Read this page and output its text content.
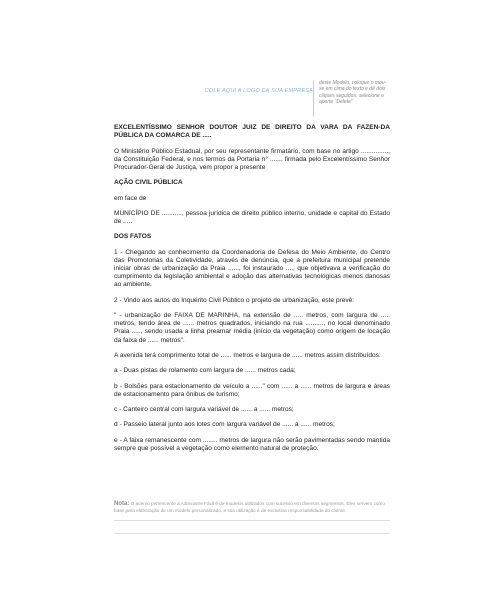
COLE AQUI A LOGO DA SUA EMPRESA
deste Modelo, coloque o mou-
se em cima do texto e dê dois
cliques seguidos, selecione e
aperte "Delete"

EXCELENTÍSSIMO SENHOR DOUTOR JUIZ DE DIREITO DA VARA DA FAZEN-DA PÚBLICA DA COMARCA DE .....

O Ministério Público Estadual, por seu representante firmatário, com base no artigo ..............., da Constituição Federal, e nos termos da Portaria n° ......, firmada pelo Excelentíssimo Senhor Procurador-Geral de Justiça, vem propor a presente

AÇÃO CIVIL PÚBLICA

em face de

MUNICÍPIO DE ..........., pessoa jurídica de direito público interno, unidade e capital do Estado de .....

DOS FATOS

1 - Chegando ao conhecimento da Coordenadoria de Defesa do Meio Ambiente, do Centro das Promotorias da Coletividade, através de denúncia, que a prefeitura municipal pretende iniciar obras de urbanização da Praia ......, foi instaurado ...., que objetivava a verificação do cumprimento da legislação ambiental e adoção das alternativas tecnológicas menos danosas ao ambiente.

2 - Vindo aos autos do Inquérito Civil Público o projeto de urbanização, este prevê:

" - urbanização de FAIXA DE MARINHA, na extensão de ..... metros, com largura de ..... metros, tendo área de ...... metros quadrados, iniciando na rua .........., no local denominado Praia ....., sendo usada a linha preamar média (início da vegetação) como origem de locação da faixa de ...... metros".

A avenida terá comprimento total de ...... metros e largura de ...... metros assim distribuídos:

a - Duas pistas de rolamento com largura de ...... metros cada;

b - Bolsões para estacionamento de veículo a ......" com ...... a ...... metros de largura e áreas de estacionamento para ônibus de turismo;

c - Canteiro central com largura variável de ...... a ...... metros;

d - Passeio lateral junto aos lotes com largura variável de ...... a ...... metros;

e - A faixa remanescente com ........ metros de largura não serão pavimentadas sendo mantida sempre que possível a vegetação como elemento natural de proteção.

Nota: O acervo pertencente a Administre Fácil é de modelos utilizados com sucesso em diversos segmentos. Eles servem como base para elaboração de um modelo personalizado, e sua utilização é de exclusiva responsabilidade do cliente.
